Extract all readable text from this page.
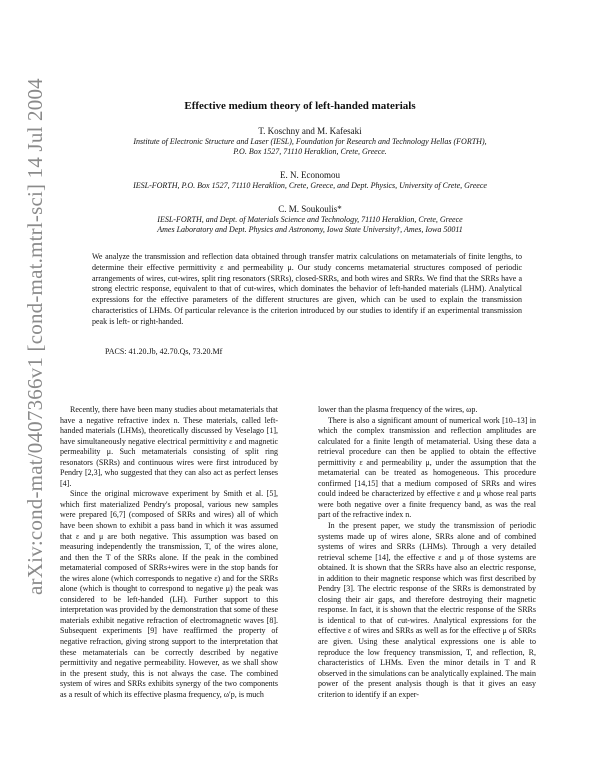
arXiv:cond-mat/0407366v1 [cond-mat.mtrl-sci] 14 Jul 2004	Effective medium theory of left-handed materials
T. Koschny and M. Kafesaki
Institute of Electronic Structure and Laser (IESL), Foundation for Research and Technology Hellas (FORTH),
P.O. Box 1527, 71110 Heraklion, Crete, Greece.
E. N. Economou
IESL-FORTH, P.O. Box 1527, 71110 Heraklion, Crete, Greece, and Dept. Physics, University of Crete, Greece
C. M. Soukoulis*
IESL-FORTH, and Dept. of Materials Science and Technology, 71110 Heraklion, Crete, Greece
Ames Laboratory and Dept. Physics and Astronomy, Iowa State University†, Ames, Iowa 50011
We analyze the transmission and reflection data obtained through transfer matrix calculations on metamaterials of finite lengths, to determine their effective permittivity ε and permeability μ. Our study concerns metamaterial structures composed of periodic arrangements of wires, cut-wires, split ring resonators (SRRs), closed-SRRs, and both wires and SRRs. We find that the SRRs have a strong electric response, equivalent to that of cut-wires, which dominates the behavior of left-handed materials (LHM). Analytical expressions for the effective parameters of the different structures are given, which can be used to explain the transmission characteristics of LHMs. Of particular relevance is the criterion introduced by our studies to identify if an experimental transmission peak is left- or right-handed.
PACS: 41.20.Jb, 42.70.Qs, 73.20.Mf

Recently, there have been many studies about metamaterials that have a negative refractive index n. These materials, called left-handed materials (LHMs), theoretically discussed by Veselago [1], have simultaneously negative electrical permittivity ε and magnetic permeability μ. Such metamaterials consisting of split ring resonators (SRRs) and continuous wires were first introduced by Pendry [2,3], who suggested that they can also act as perfect lenses [4].

Since the original microwave experiment by Smith et al. [5], which first materialized Pendry's proposal, various new samples were prepared [6,7] (composed of SRRs and wires) all of which have been shown to exhibit a pass band in which it was assumed that ε and μ are both negative. This assumption was based on measuring independently the transmission, T, of the wires alone, and then the T of the SRRs alone. If the peak in the combined metamaterial composed of SRRs+wires were in the stop bands for the wires alone (which corresponds to negative ε) and for the SRRs alone (which is thought to correspond to negative μ) the peak was considered to be left-handed (LH). Further support to this interpretation was provided by the demonstration that some of these materials exhibit negative refraction of electromagnetic waves [8]. Subsequent experiments [9] have reaffirmed the property of negative refraction, giving strong support to the interpretation that these metamaterials can be correctly described by negative permittivity and negative permeability. However, as we shall show in the present study, this is not always the case. The combined system of wires and SRRs exhibits synergy of the two components as a result of which its effective plasma frequency, ω′p, is much

lower than the plasma frequency of the wires, ωp.

There is also a significant amount of numerical work [10–13] in which the complex transmission and reflection amplitudes are calculated for a finite length of metamaterial. Using these data a retrieval procedure can then be applied to obtain the effective permittivity ε and permeability μ, under the assumption that the metamaterial can be treated as homogeneous. This procedure confirmed [14,15] that a medium composed of SRRs and wires could indeed be characterized by effective ε and μ whose real parts were both negative over a finite frequency band, as was the real part of the refractive index n.

In the present paper, we study the transmission of periodic systems made up of wires alone, SRRs alone and of combined systems of wires and SRRs (LHMs). Through a very detailed retrieval scheme [14], the effective ε and μ of those systems are obtained. It is shown that the SRRs have also an electric response, in addition to their magnetic response which was first described by Pendry [3]. The electric response of the SRRs is demonstrated by closing their air gaps, and therefore destroying their magnetic response. In fact, it is shown that the electric response of the SRRs is identical to that of cut-wires. Analytical expressions for the effective ε of wires and SRRs as well as for the effective μ of SRRs are given. Using these analytical expressions one is able to reproduce the low frequency transmission, T, and reflection, R, characteristics of LHMs. Even the minor details in T and R observed in the simulations can be analytically explained. The main power of the present analysis though is that it gives an easy criterion to identify if an exper-
